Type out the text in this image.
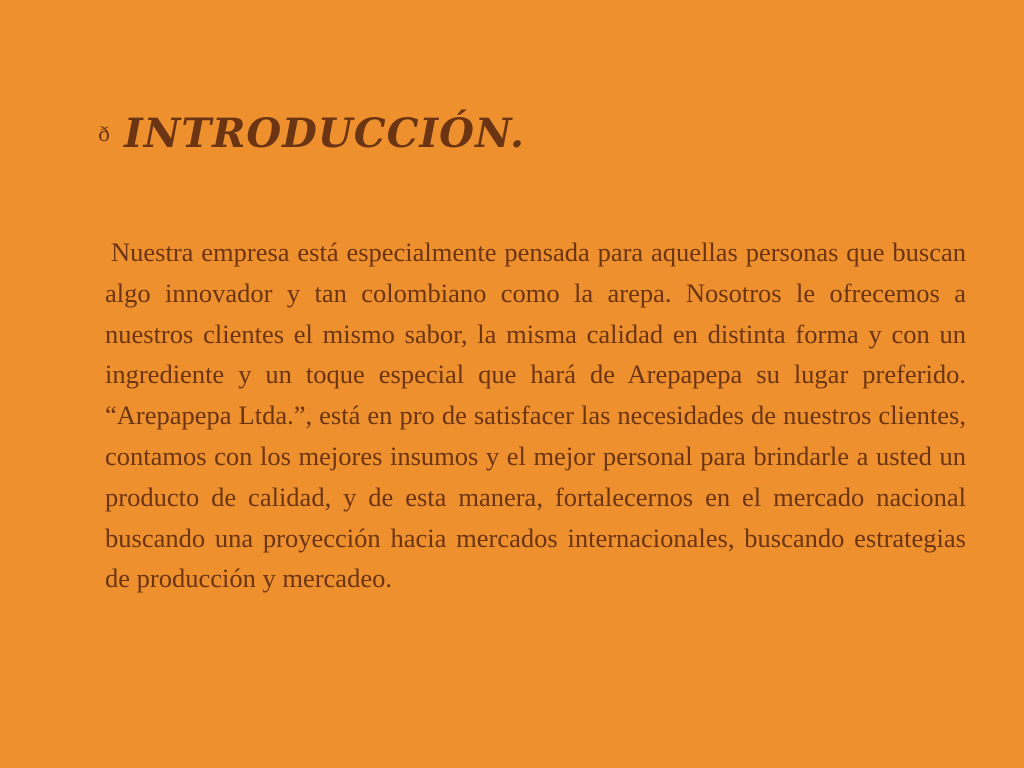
ð INTRODUCCIÓN.

Nuestra empresa está especialmente pensada para aquellas personas que buscan algo innovador y tan colombiano como la arepa. Nosotros le ofrecemos a nuestros clientes el mismo sabor, la misma calidad en distinta forma y con un ingrediente y un toque especial que hará de Arepapepa su lugar preferido. “Arepapepa Ltda.”, está en pro de satisfacer las necesidades de nuestros clientes, contamos con los mejores insumos y el mejor personal para brindarle a usted un producto de calidad, y de esta manera, fortalecernos en el mercado nacional buscando una proyección hacia mercados internacionales, buscando estrategias de producción y mercadeo.
